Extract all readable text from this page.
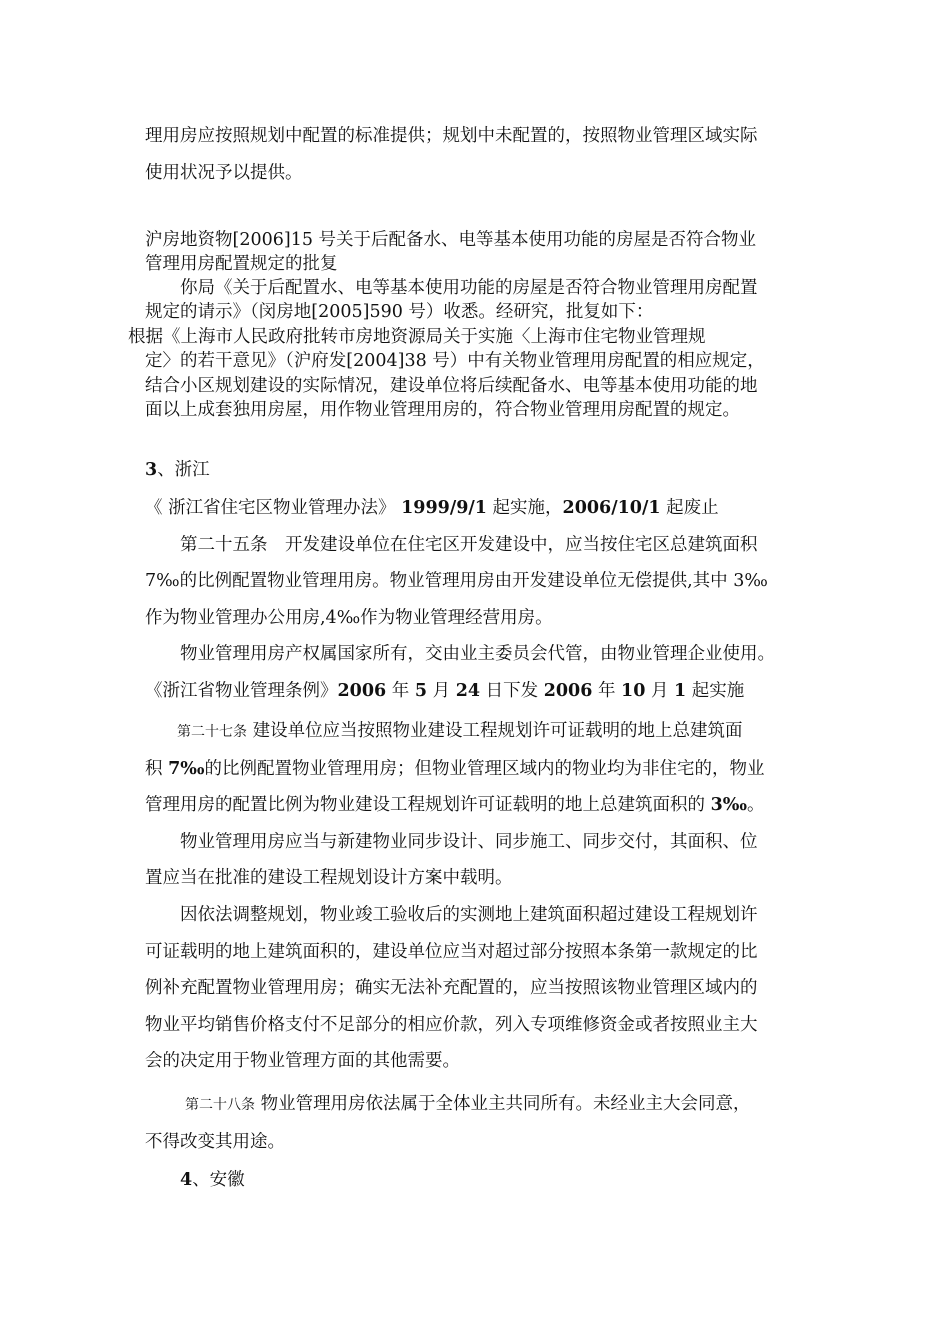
理用房应按照规划中配置的标准提供；规划中未配置的，按照物业管理区域实际
使用状况予以提供。
沪房地资物[2006]15 号关于后配备水、电等基本使用功能的房屋是否符合物业
管理用房配置规定的批复
你局《关于后配置水、电等基本使用功能的房屋是否符合物业管理用房配置
规定的请示》（闵房地[2005]590 号）收悉。经研究，批复如下：
根据《上海市人民政府批转市房地资源局关于实施〈上海市住宅物业管理规
定〉的若干意见》（沪府发[2004]38 号）中有关物业管理用房配置的相应规定，
结合小区规划建设的实际情况，建设单位将后续配备水、电等基本使用功能的地
面以上成套独用房屋，用作物业管理用房的，符合物业管理用房配置的规定。
3、浙江
《 浙江省住宅区物业管理办法》 1999/9/1 起实施，2006/10/1 起废止
第二十五条　开发建设单位在住宅区开发建设中，应当按住宅区总建筑面积
7‰的比例配置物业管理用房。物业管理用房由开发建设单位无偿提供,其中 3‰
作为物业管理办公用房,4‰作为物业管理经营用房。
物业管理用房产权属国家所有，交由业主委员会代管，由物业管理企业使用。
《浙江省物业管理条例》2006 年 5 月 24 日下发 2006 年 10 月 1 起实施
第二十七条 建设单位应当按照物业建设工程规划许可证载明的地上总建筑面
积 7‰的比例配置物业管理用房；但物业管理区域内的物业均为非住宅的，物业
管理用房的配置比例为物业建设工程规划许可证载明的地上总建筑面积的 3‰。
物业管理用房应当与新建物业同步设计、同步施工、同步交付，其面积、位
置应当在批准的建设工程规划设计方案中载明。
因依法调整规划，物业竣工验收后的实测地上建筑面积超过建设工程规划许
可证载明的地上建筑面积的，建设单位应当对超过部分按照本条第一款规定的比
例补充配置物业管理用房；确实无法补充配置的，应当按照该物业管理区域内的
物业平均销售价格支付不足部分的相应价款，列入专项维修资金或者按照业主大
会的决定用于物业管理方面的其他需要。
第二十八条 物业管理用房依法属于全体业主共同所有。未经业主大会同意，
不得改变其用途。
4、安徽
